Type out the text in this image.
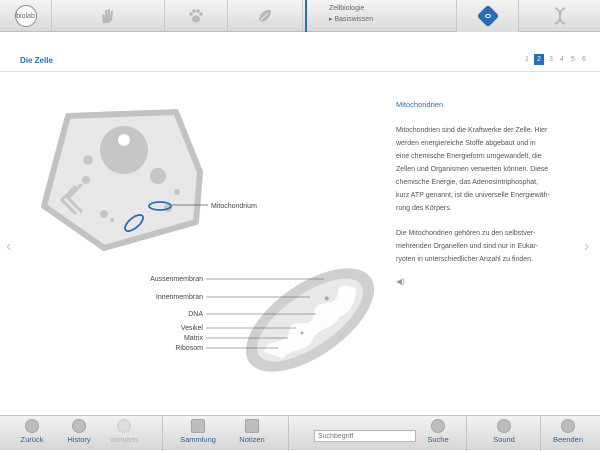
biolab
Zellbiologie
▸ Basiswissen
Die Zelle	1	2	3 4 5 6
‹	›
Mitochondrium
Aussenmembran
Innenmembran
DNA
Vesikel
Matrix
Ribosom
Mitochondrien
Mitochondrien sind die Kraftwerke der Zelle. Hier
werden energiereiche Stoffe abgebaut und in
eine chemische Energieform umgewandelt, die
Zellen und Organismen verwerten können. Diese
chemische Energie, das Adenosintriphosphat,
kurz ATP genannt, ist die universelle Energiewäh-
rung des Körpers.
Die Mitochondrien gehören zu den selbstver-
mehrenden Organellen und sind nur in Eukar-
ryoten in unterschiedlicher Anzahl zu finden.
◀)
Zurück	History	Vorwärts	Sammlung	Notizen
Suchbegriff	Suche	Sound	Beenden
